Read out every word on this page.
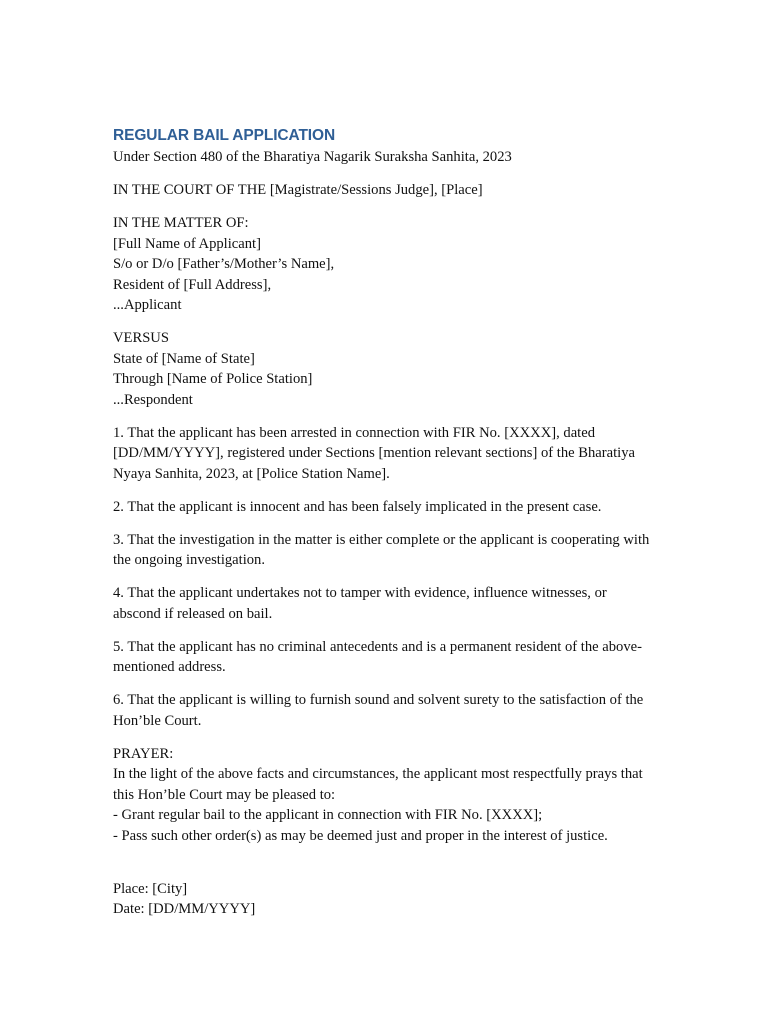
REGULAR BAIL APPLICATION

Under Section 480 of the Bharatiya Nagarik Suraksha Sanhita, 2023

IN THE COURT OF THE [Magistrate/Sessions Judge], [Place]

IN THE MATTER OF:
[Full Name of Applicant]
S/o or D/o [Father’s/Mother’s Name],
Resident of [Full Address],
...Applicant
VERSUS
State of [Name of State]
Through [Name of Police Station]
...Respondent

1. That the applicant has been arrested in connection with FIR No. [XXXX], dated [DD/MM/YYYY], registered under Sections [mention relevant sections] of the Bharatiya Nyaya Sanhita, 2023, at [Police Station Name].

2. That the applicant is innocent and has been falsely implicated in the present case.

3. That the investigation in the matter is either complete or the applicant is cooperating with the ongoing investigation.

4. That the applicant undertakes not to tamper with evidence, influence witnesses, or abscond if released on bail.

5. That the applicant has no criminal antecedents and is a permanent resident of the above-mentioned address.

6. That the applicant is willing to furnish sound and solvent surety to the satisfaction of the Hon’ble Court.

PRAYER:
In the light of the above facts and circumstances, the applicant most respectfully prays that this Hon’ble Court may be pleased to:
- Grant regular bail to the applicant in connection with FIR No. [XXXX];
- Pass such other order(s) as may be deemed just and proper in the interest of justice.
Place: [City]
Date: [DD/MM/YYYY]
